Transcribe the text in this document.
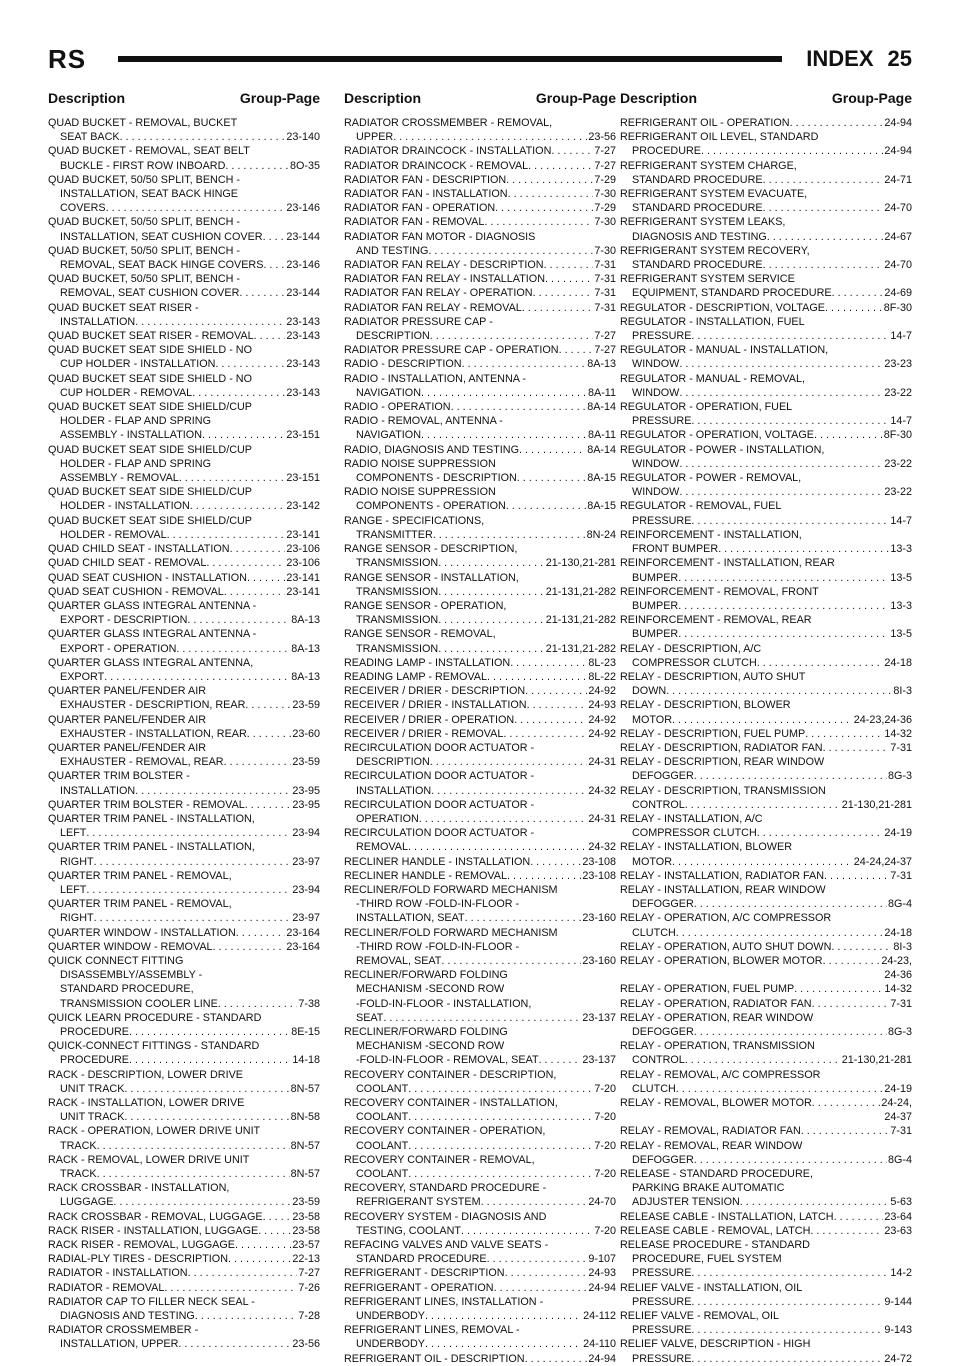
RS	INDEX 25
Description	Group-Page Description	Group-Page Description	Group-Page
QUAD BUCKET - REMOVAL, BUCKET
SEAT BACK . . .	23-140
QUAD BUCKET - REMOVAL, SEAT BELT
BUCKLE - FIRST ROW INBOARD . . .	8O-35
QUAD BUCKET, 50/50 SPLIT, BENCH -
INSTALLATION, SEAT BACK HINGE
COVERS . . .	23-146
QUAD BUCKET, 50/50 SPLIT, BENCH -
INSTALLATION, SEAT CUSHION COVER . . . 23-144
QUAD BUCKET, 50/50 SPLIT, BENCH -
REMOVAL, SEAT BACK HINGE COVERS . . . 23-146
QUAD BUCKET, 50/50 SPLIT, BENCH -
REMOVAL, SEAT CUSHION COVER . . .	23-144
QUAD BUCKET SEAT RISER -
INSTALLATION . . .	23-143
QUAD BUCKET SEAT RISER - REMOVAL . . .	23-143
QUAD BUCKET SEAT SIDE SHIELD - NO
CUP HOLDER - INSTALLATION . . .	23-143
QUAD BUCKET SEAT SIDE SHIELD - NO
CUP HOLDER - REMOVAL . . .	23-143
QUAD BUCKET SEAT SIDE SHIELD/CUP
HOLDER - FLAP AND SPRING
ASSEMBLY - INSTALLATION . . .	23-151
QUAD BUCKET SEAT SIDE SHIELD/CUP
HOLDER - FLAP AND SPRING
ASSEMBLY - REMOVAL . . .	23-151
QUAD BUCKET SEAT SIDE SHIELD/CUP
HOLDER - INSTALLATION . . .	23-142
QUAD BUCKET SEAT SIDE SHIELD/CUP
HOLDER - REMOVAL . . .	23-141
QUAD CHILD SEAT - INSTALLATION . . .	23-106
QUAD CHILD SEAT - REMOVAL . . .	23-106
QUAD SEAT CUSHION - INSTALLATION . . .	23-141
QUAD SEAT CUSHION - REMOVAL . . .	23-141
QUARTER GLASS INTEGRAL ANTENNA -
EXPORT - DESCRIPTION . . .	8A-13
QUARTER GLASS INTEGRAL ANTENNA -
EXPORT - OPERATION . . .	8A-13
QUARTER GLASS INTEGRAL ANTENNA,
EXPORT . . .	8A-13
QUARTER PANEL/FENDER AIR
EXHAUSTER - DESCRIPTION, REAR . . .	23-59
QUARTER PANEL/FENDER AIR
EXHAUSTER - INSTALLATION, REAR . . .	23-60
QUARTER PANEL/FENDER AIR
EXHAUSTER - REMOVAL, REAR . . .	23-59
QUARTER TRIM BOLSTER -
INSTALLATION . . .	23-95
QUARTER TRIM BOLSTER - REMOVAL . . .	23-95
QUARTER TRIM PANEL - INSTALLATION,
LEFT . . .	23-94
QUARTER TRIM PANEL - INSTALLATION,
RIGHT . . .	23-97
QUARTER TRIM PANEL - REMOVAL,
LEFT . . .	23-94
QUARTER TRIM PANEL - REMOVAL,
RIGHT . . .	23-97
QUARTER WINDOW - INSTALLATION . . .	23-164
QUARTER WINDOW - REMOVAL . . .	23-164
QUICK CONNECT FITTING
DISASSEMBLY/ASSEMBLY -
STANDARD PROCEDURE,
TRANSMISSION COOLER LINE . . .	7-38
QUICK LEARN PROCEDURE - STANDARD
PROCEDURE . . .	8E-15
QUICK-CONNECT FITTINGS - STANDARD
PROCEDURE . . .	14-18
RACK - DESCRIPTION, LOWER DRIVE
UNIT TRACK . . .	8N-57
RACK - INSTALLATION, LOWER DRIVE
UNIT TRACK . . .	8N-58
RACK - OPERATION, LOWER DRIVE UNIT
TRACK . . .	8N-57
RACK - REMOVAL, LOWER DRIVE UNIT
TRACK . . .	8N-57
RACK CROSSBAR - INSTALLATION,
LUGGAGE . . .	23-59
RACK CROSSBAR - REMOVAL, LUGGAGE . . .	23-58
RACK RISER - INSTALLATION, LUGGAGE . . .	23-58
RACK RISER - REMOVAL, LUGGAGE . . .	23-57
RADIAL-PLY TIRES - DESCRIPTION . . .	22-13
RADIATOR - INSTALLATION . . .	7-27
RADIATOR - REMOVAL . . .	7-26
RADIATOR CAP TO FILLER NECK SEAL -
DIAGNOSIS AND TESTING . . .	7-28
RADIATOR CROSSMEMBER -
INSTALLATION, UPPER . . .	23-56
RADIATOR CROSSMEMBER - REMOVAL,
UPPER . . .	23-56
RADIATOR DRAINCOCK - INSTALLATION . . .	7-27
RADIATOR DRAINCOCK - REMOVAL . . .	7-27
RADIATOR FAN - DESCRIPTION . . .	7-29
RADIATOR FAN - INSTALLATION . . .	7-30
RADIATOR FAN - OPERATION . . .	7-29
RADIATOR FAN - REMOVAL . . .	7-30
RADIATOR FAN MOTOR - DIAGNOSIS
AND TESTING . . .	7-30
RADIATOR FAN RELAY - DESCRIPTION . . .	7-31
RADIATOR FAN RELAY - INSTALLATION . . .	7-31
RADIATOR FAN RELAY - OPERATION . . .	7-31
RADIATOR FAN RELAY - REMOVAL . . .	7-31
RADIATOR PRESSURE CAP -
DESCRIPTION . . .	7-27
RADIATOR PRESSURE CAP - OPERATION . . .	7-27
RADIO - DESCRIPTION . . .	8A-13
RADIO - INSTALLATION, ANTENNA -
NAVIGATION . . .	8A-11
RADIO - OPERATION . . .	8A-14
RADIO - REMOVAL, ANTENNA -
NAVIGATION . . .	8A-11
RADIO, DIAGNOSIS AND TESTING . . .	8A-14
RADIO NOISE SUPPRESSION
COMPONENTS - DESCRIPTION . . .	8A-15
RADIO NOISE SUPPRESSION
COMPONENTS - OPERATION . . .	8A-15
RANGE - SPECIFICATIONS,
TRANSMITTER . . .	8N-24
RANGE SENSOR - DESCRIPTION,
TRANSMISSION . . .	21-130,21-281
RANGE SENSOR - INSTALLATION,
TRANSMISSION . . .	21-131,21-282
RANGE SENSOR - OPERATION,
TRANSMISSION . . .	21-131,21-282
RANGE SENSOR - REMOVAL,
TRANSMISSION . . .	21-131,21-282
READING LAMP - INSTALLATION . . .	8L-23
READING LAMP - REMOVAL . . .	8L-22
RECEIVER / DRIER - DESCRIPTION . . .	24-92
RECEIVER / DRIER - INSTALLATION . . .	24-93
RECEIVER / DRIER - OPERATION . . .	24-92
RECEIVER / DRIER - REMOVAL . . .	24-92
RECIRCULATION DOOR ACTUATOR -
DESCRIPTION . . .	24-31
RECIRCULATION DOOR ACTUATOR -
INSTALLATION . . .	24-32
RECIRCULATION DOOR ACTUATOR -
OPERATION . . .	24-31
RECIRCULATION DOOR ACTUATOR -
REMOVAL . . .	24-32
RECLINER HANDLE - INSTALLATION . . .	23-108
RECLINER HANDLE - REMOVAL . . .	23-108
RECLINER/FOLD FORWARD MECHANISM
-THIRD ROW -FOLD-IN-FLOOR -
INSTALLATION, SEAT . . .	23-160
RECLINER/FOLD FORWARD MECHANISM
-THIRD ROW -FOLD-IN-FLOOR -
REMOVAL, SEAT . . .	23-160
RECLINER/FORWARD FOLDING
MECHANISM -SECOND ROW
-FOLD-IN-FLOOR - INSTALLATION,
SEAT . . .	23-137
RECLINER/FORWARD FOLDING
MECHANISM -SECOND ROW
-FOLD-IN-FLOOR - REMOVAL, SEAT . . .	23-137
RECOVERY CONTAINER - DESCRIPTION,
COOLANT . . .	7-20
RECOVERY CONTAINER - INSTALLATION,
COOLANT . . .	7-20
RECOVERY CONTAINER - OPERATION,
COOLANT . . .	7-20
RECOVERY CONTAINER - REMOVAL,
COOLANT . . .	7-20
RECOVERY, STANDARD PROCEDURE -
REFRIGERANT SYSTEM . . .	24-70
RECOVERY SYSTEM - DIAGNOSIS AND
TESTING, COOLANT . . .	7-20
REFACING VALVES AND VALVE SEATS -
STANDARD PROCEDURE . . .	9-107
REFRIGERANT - DESCRIPTION . . .	24-93
REFRIGERANT - OPERATION . . .	24-94
REFRIGERANT LINES, INSTALLATION -
UNDERBODY . . .	24-112
REFRIGERANT LINES, REMOVAL -
UNDERBODY . . .	24-110
REFRIGERANT OIL - DESCRIPTION . . .	24-94
REFRIGERANT OIL - OPERATION . . .	24-94
REFRIGERANT OIL LEVEL, STANDARD
PROCEDURE . . .	24-94
REFRIGERANT SYSTEM CHARGE,
STANDARD PROCEDURE . . .	24-71
REFRIGERANT SYSTEM EVACUATE,
STANDARD PROCEDURE . . .	24-70
REFRIGERANT SYSTEM LEAKS,
DIAGNOSIS AND TESTING . . .	24-67
REFRIGERANT SYSTEM RECOVERY,
STANDARD PROCEDURE . . .	24-70
REFRIGERANT SYSTEM SERVICE
EQUIPMENT, STANDARD PROCEDURE . . .	24-69
REGULATOR - DESCRIPTION, VOLTAGE . . .	8F-30
REGULATOR - INSTALLATION, FUEL
PRESSURE . . .	14-7
REGULATOR - MANUAL - INSTALLATION,
WINDOW . . .	23-23
REGULATOR - MANUAL - REMOVAL,
WINDOW . . .	23-22
REGULATOR - OPERATION, FUEL
PRESSURE . . .	14-7
REGULATOR - OPERATION, VOLTAGE . . .	8F-30
REGULATOR - POWER - INSTALLATION,
WINDOW . . .	23-22
REGULATOR - POWER - REMOVAL,
WINDOW . . .	23-22
REGULATOR - REMOVAL, FUEL
PRESSURE . . .	14-7
REINFORCEMENT - INSTALLATION,
FRONT BUMPER . . .	13-3
REINFORCEMENT - INSTALLATION, REAR
BUMPER . . .	13-5
REINFORCEMENT - REMOVAL, FRONT
BUMPER . . .	13-3
REINFORCEMENT - REMOVAL, REAR
BUMPER . . .	13-5
RELAY - DESCRIPTION, A/C
COMPRESSOR CLUTCH . . .	24-18
RELAY - DESCRIPTION, AUTO SHUT
DOWN . . .	8I-3
RELAY - DESCRIPTION, BLOWER
MOTOR . . .	24-23,24-36
RELAY - DESCRIPTION, FUEL PUMP . . .	14-32
RELAY - DESCRIPTION, RADIATOR FAN . . .	7-31
RELAY - DESCRIPTION, REAR WINDOW
DEFOGGER . . .	8G-3
RELAY - DESCRIPTION, TRANSMISSION
CONTROL . . .	21-130,21-281
RELAY - INSTALLATION, A/C
COMPRESSOR CLUTCH . . .	24-19
RELAY - INSTALLATION, BLOWER
MOTOR . . .	24-24,24-37
RELAY - INSTALLATION, RADIATOR FAN . . .	7-31
RELAY - INSTALLATION, REAR WINDOW
DEFOGGER . . .	8G-4
RELAY - OPERATION, A/C COMPRESSOR
CLUTCH . . .	24-18
RELAY - OPERATION, AUTO SHUT DOWN . . .	8I-3
RELAY - OPERATION, BLOWER MOTOR . . .	24-23,
24-36
RELAY - OPERATION, FUEL PUMP . . .	14-32
RELAY - OPERATION, RADIATOR FAN . . .	7-31
RELAY - OPERATION, REAR WINDOW
DEFOGGER . . .	8G-3
RELAY - OPERATION, TRANSMISSION
CONTROL . . .	21-130,21-281
RELAY - REMOVAL, A/C COMPRESSOR
CLUTCH . . .	24-19
RELAY - REMOVAL, BLOWER MOTOR . . .	24-24,
24-37
RELAY - REMOVAL, RADIATOR FAN . . .	7-31
RELAY - REMOVAL, REAR WINDOW
DEFOGGER . . .	8G-4
RELEASE - STANDARD PROCEDURE,
PARKING BRAKE AUTOMATIC
ADJUSTER TENSION . . .	5-63
RELEASE CABLE - INSTALLATION, LATCH . . .	23-64
RELEASE CABLE - REMOVAL, LATCH . . .	23-63
RELEASE PROCEDURE - STANDARD
PROCEDURE, FUEL SYSTEM
PRESSURE . . .	14-2
RELIEF VALVE - INSTALLATION, OIL
PRESSURE . . .	9-144
RELIEF VALVE - REMOVAL, OIL
PRESSURE . . .	9-143
RELIEF VALVE, DESCRIPTION - HIGH
PRESSURE . . .	24-72
